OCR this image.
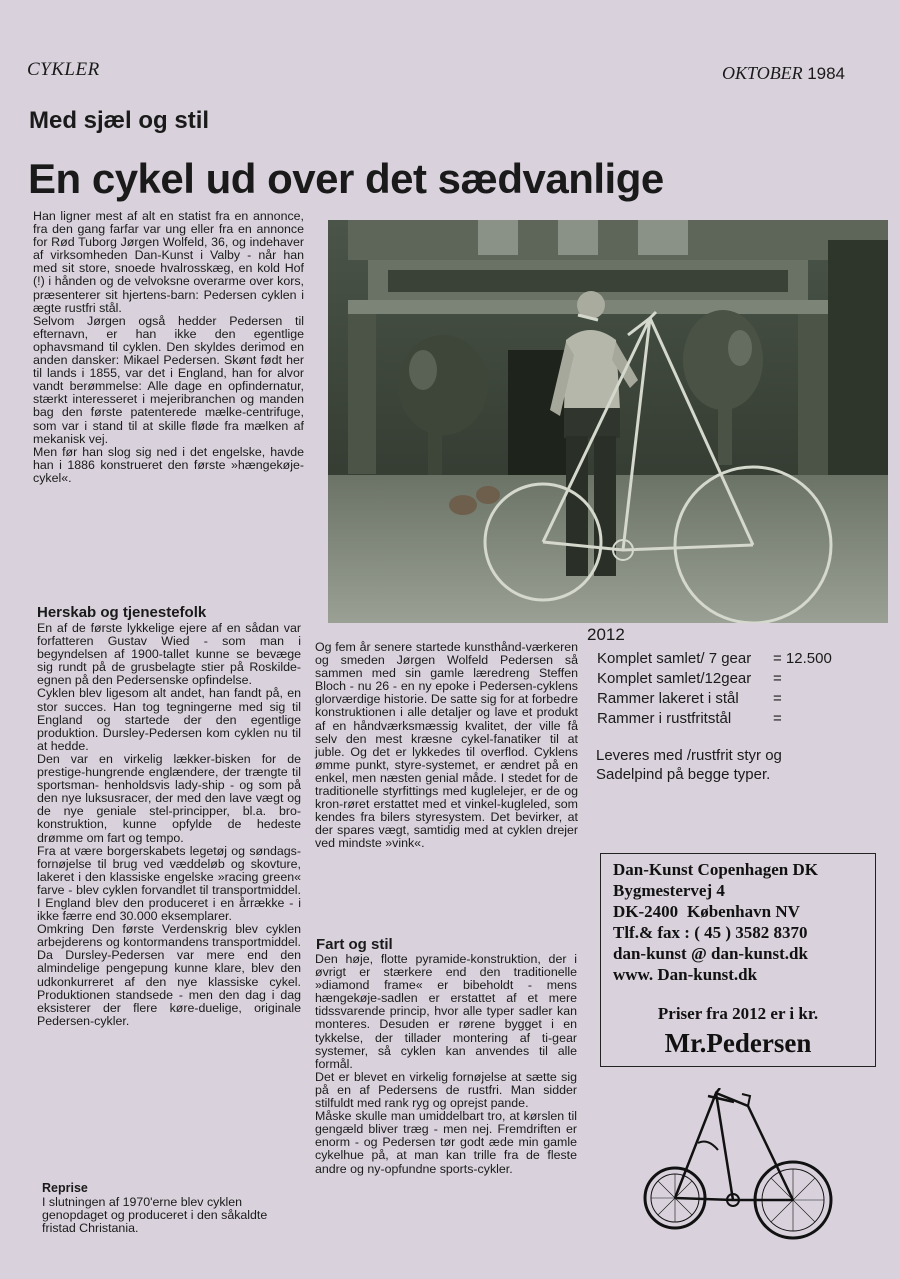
CYKLER	OKTOBER 1984
Med sjæl og stil
En cykel ud over det sædvanlige

Han ligner mest af alt en statist fra en annonce, fra den gang farfar var ung eller fra en annonce for Rød Tuborg Jørgen Wolfeld, 36, og indehaver af virksomheden Dan-Kunst i Valby - når han med sit store, snoede hvalrosskæg, en kold Hof (!) i hånden og de velvoksne overarme over kors, præsenterer sit hjertens-barn: Pedersen cyklen i ægte rustfri stål.

Selvom Jørgen også hedder Pedersen til efternavn, er han ikke den egentlige ophavsmand til cyklen. Den skyldes derimod en anden dansker: Mikael Pedersen. Skønt født her til lands i 1855, var det i England, han for alvor vandt berømmelse: Alle dage en opfindernatur, stærkt interesseret i mejeribranchen og manden bag den første patenterede mælke-centrifuge, som var i stand til at skille fløde fra mælken af mekanisk vej.

Men før han slog sig ned i det engelske, havde han i 1886 konstrueret den første »hængekøje-cykel«.

Herskab og tjenestefolk

En af de første lykkelige ejere af en sådan var forfatteren Gustav Wied - som man i begyndelsen af 1900-tallet kunne se bevæge sig rundt på de grusbelagte stier på Roskilde-egnen på den Pedersenske opfindelse.

Cyklen blev ligesom alt andet, han fandt på, en stor succes. Han tog tegningerne med sig til England og startede der den egentlige produktion. Dursley-Pedersen kom cyklen nu til at hedde.

Den var en virkelig lækker-bisken for de prestige-hungrende englændere, der trængte til sportsman- henholdsvis lady-ship - og som på den nye luksusracer, der med den lave vægt og de nye geniale stel-principper, bl.a. bro-konstruktion, kunne opfylde de hedeste drømme om fart og tempo.

Fra at være borgerskabets legetøj og søndags-fornøjelse til brug ved væddeløb og skovture, lakeret i den klassiske engelske »racing green« farve - blev cyklen forvandlet til transportmiddel. I England blev den produceret i en årrække - i ikke færre end 30.000 eksemplarer.

Omkring Den første Verdenskrig blev cyklen arbejderens og kontormandens transportmiddel. Da Dursley-Pedersen var mere end den almindelige pengepung kunne klare, blev den udkonkurreret af den nye klassiske cykel. Produktionen standsede - men den dag i dag eksisterer der flere køre-duelige, originale Pedersen-cykler.

Reprise
I slutningen af 1970'erne blev cyklen genopdaget og produceret i den såkaldte fristad Christania.
Og fem år senere startede kunsthånd-værkeren og smeden Jørgen Wolfeld Pedersen så sammen med sin gamle læredreng Steffen Bloch - nu 26 - en ny epoke i Pedersen-cyklens glorværdige historie. De satte sig for at forbedre konstruktionen i alle detaljer og lave et produkt af en håndværksmæssig kvalitet, der ville få selv den mest kræsne cykel-fanatiker til at juble. Og det er lykkedes til overflod. Cyklens ømme punkt, styre-systemet, er ændret på en enkel, men næsten genial måde. I stedet for de traditionelle styrfittings med kuglelejer, er de og kron-røret erstattet med et vinkel-kugleled, som kendes fra bilers styresystem. Det bevirker, at der spares vægt, samtidig med at cyklen drejer ved mindste »vink«.
Fart og stil

Den høje, flotte pyramide-konstruktion, der i øvrigt er stærkere end den traditionelle »diamond frame« er bibeholdt - mens hængekøje-sadlen er erstattet af et mere tidssvarende princip, hvor alle typer sadler kan monteres. Desuden er rørene bygget i en tykkelse, der tillader montering af ti-gear systemer, så cyklen kan anvendes til alle formål.

Det er blevet en virkelig fornøjelse at sætte sig på en af Pedersens de rustfri. Man sidder stilfuldt med rank ryg og oprejst pande.

Måske skulle man umiddelbart tro, at kørslen til gengæld bliver træg - men nej. Fremdriften er enorm - og Pedersen tør godt æde min gamle cykelhue på, at man kan trille fra de fleste andre og ny-opfundne sports-cykler.

2012
Komplet samlet/ 7 gear	= 12.500
Komplet samlet/12gear	=
Rammer lakeret i stål	=
Rammer i rustfritstål	=
Leveres med /rustfrit styr og Sadelpind på begge typer.
Dan-Kunst Copenhagen DK
Bygmestervej 4
DK-2400 København NV
Tlf.& fax : ( 45 ) 3582 8370
dan-kunst @ dan-kunst.dk
www. Dan-kunst.dk
Priser fra 2012 er i kr.
Mr.Pedersen
